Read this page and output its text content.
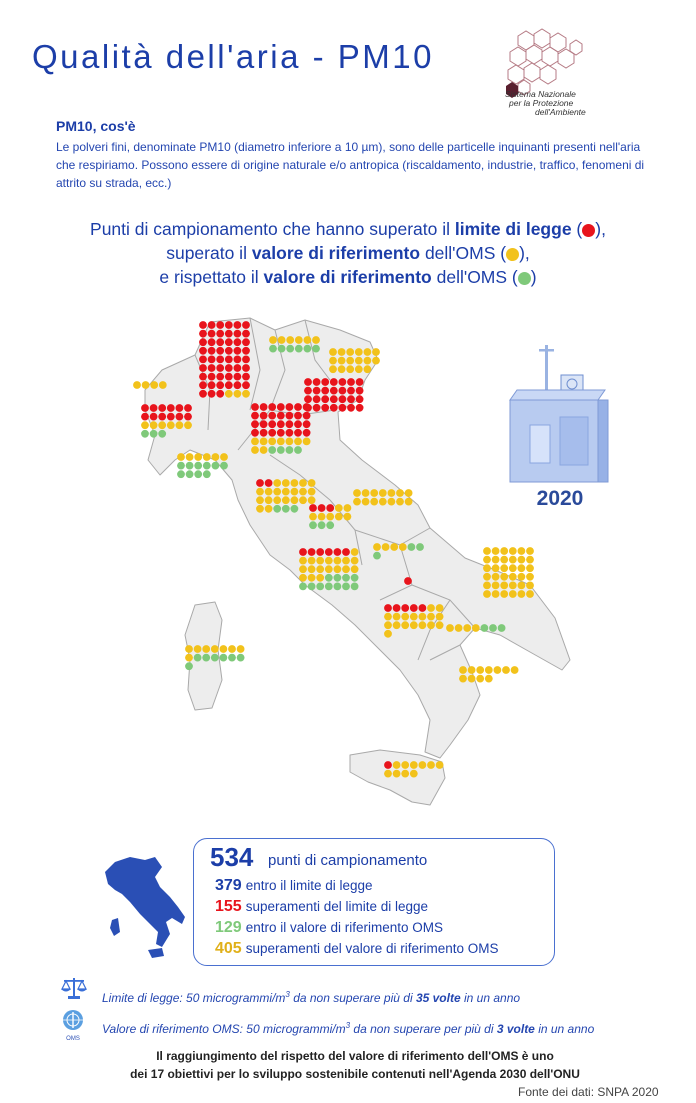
Qualità dell'aria - PM10
Sistema Nazionale
per la Protezione
dell'Ambiente
PM10, cos'è
Le polveri fini, denominate PM10 (diametro inferiore a 10 µm), sono delle particelle inquinanti presenti nell'aria che respiriamo. Possono essere di origine naturale e/o antropica (riscaldamento, industrie, traffico, fenomeni di attrito su strada, ecc.)
Punti di campionamento che hanno superato il limite di legge ( ),
superato il valore di riferimento dell'OMS ( ),
e rispettato il valore di riferimento dell'OMS ( )
2020
534 punti di campionamento
379 entro il limite di legge
155 superamenti del limite di legge
129 entro il valore di riferimento OMS
405 superamenti del valore di riferimento OMS
OMS
Limite di legge: 50 microgrammi/$m^3$ da non superare più di 35 volte in un anno
Valore di riferimento OMS: 50 microgrammi/$m^3$ da non superare per più di 3 volte in un anno
Il raggiungimento del rispetto del valore di riferimento dell'OMS è uno
dei 17 obiettivi per lo sviluppo sostenibile contenuti nell'Agenda 2030 dell'ONU
Fonte dei dati: SNPA 2020
